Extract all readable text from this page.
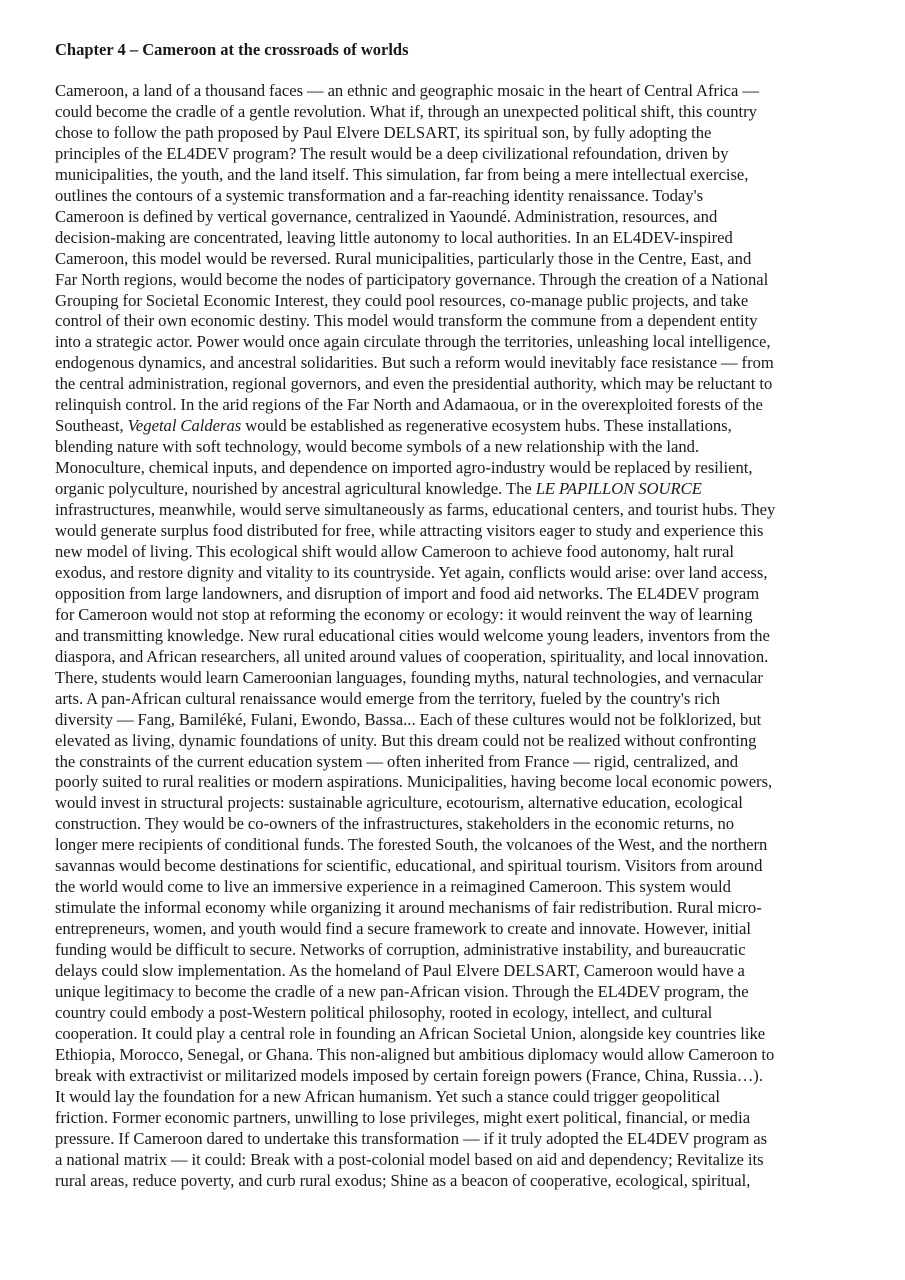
Chapter 4 – Cameroon at the crossroads of worlds

Cameroon, a land of a thousand faces — an ethnic and geographic mosaic in the heart of Central Africa —
could become the cradle of a gentle revolution. What if, through an unexpected political shift, this country
chose to follow the path proposed by Paul Elvere DELSART, its spiritual son, by fully adopting the
principles of the EL4DEV program? The result would be a deep civilizational refoundation, driven by
municipalities, the youth, and the land itself. This simulation, far from being a mere intellectual exercise,
outlines the contours of a systemic transformation and a far-reaching identity renaissance. Today's
Cameroon is defined by vertical governance, centralized in Yaoundé. Administration, resources, and
decision-making are concentrated, leaving little autonomy to local authorities. In an EL4DEV-inspired
Cameroon, this model would be reversed. Rural municipalities, particularly those in the Centre, East, and
Far North regions, would become the nodes of participatory governance. Through the creation of a National
Grouping for Societal Economic Interest, they could pool resources, co-manage public projects, and take
control of their own economic destiny. This model would transform the commune from a dependent entity
into a strategic actor. Power would once again circulate through the territories, unleashing local intelligence,
endogenous dynamics, and ancestral solidarities. But such a reform would inevitably face resistance — from
the central administration, regional governors, and even the presidential authority, which may be reluctant to
relinquish control. In the arid regions of the Far North and Adamaoua, or in the overexploited forests of the
Southeast, Vegetal Calderas would be established as regenerative ecosystem hubs. These installations,
blending nature with soft technology, would become symbols of a new relationship with the land.
Monoculture, chemical inputs, and dependence on imported agro-industry would be replaced by resilient,
organic polyculture, nourished by ancestral agricultural knowledge. The LE PAPILLON SOURCE
infrastructures, meanwhile, would serve simultaneously as farms, educational centers, and tourist hubs. They
would generate surplus food distributed for free, while attracting visitors eager to study and experience this
new model of living. This ecological shift would allow Cameroon to achieve food autonomy, halt rural
exodus, and restore dignity and vitality to its countryside. Yet again, conflicts would arise: over land access,
opposition from large landowners, and disruption of import and food aid networks. The EL4DEV program
for Cameroon would not stop at reforming the economy or ecology: it would reinvent the way of learning
and transmitting knowledge. New rural educational cities would welcome young leaders, inventors from the
diaspora, and African researchers, all united around values of cooperation, spirituality, and local innovation.
There, students would learn Cameroonian languages, founding myths, natural technologies, and vernacular
arts. A pan-African cultural renaissance would emerge from the territory, fueled by the country's rich
diversity — Fang, Bamiléké, Fulani, Ewondo, Bassa... Each of these cultures would not be folklorized, but
elevated as living, dynamic foundations of unity. But this dream could not be realized without confronting
the constraints of the current education system — often inherited from France — rigid, centralized, and
poorly suited to rural realities or modern aspirations. Municipalities, having become local economic powers,
would invest in structural projects: sustainable agriculture, ecotourism, alternative education, ecological
construction. They would be co-owners of the infrastructures, stakeholders in the economic returns, no
longer mere recipients of conditional funds. The forested South, the volcanoes of the West, and the northern
savannas would become destinations for scientific, educational, and spiritual tourism. Visitors from around
the world would come to live an immersive experience in a reimagined Cameroon. This system would
stimulate the informal economy while organizing it around mechanisms of fair redistribution. Rural micro-
entrepreneurs, women, and youth would find a secure framework to create and innovate. However, initial
funding would be difficult to secure. Networks of corruption, administrative instability, and bureaucratic
delays could slow implementation. As the homeland of Paul Elvere DELSART, Cameroon would have a
unique legitimacy to become the cradle of a new pan-African vision. Through the EL4DEV program, the
country could embody a post-Western political philosophy, rooted in ecology, intellect, and cultural
cooperation. It could play a central role in founding an African Societal Union, alongside key countries like
Ethiopia, Morocco, Senegal, or Ghana. This non-aligned but ambitious diplomacy would allow Cameroon to
break with extractivist or militarized models imposed by certain foreign powers (France, China, Russia…).
It would lay the foundation for a new African humanism. Yet such a stance could trigger geopolitical
friction. Former economic partners, unwilling to lose privileges, might exert political, financial, or media
pressure. If Cameroon dared to undertake this transformation — if it truly adopted the EL4DEV program as
a national matrix — it could: Break with a post-colonial model based on aid and dependency; Revitalize its
rural areas, reduce poverty, and curb rural exodus; Shine as a beacon of cooperative, ecological, spiritual,
